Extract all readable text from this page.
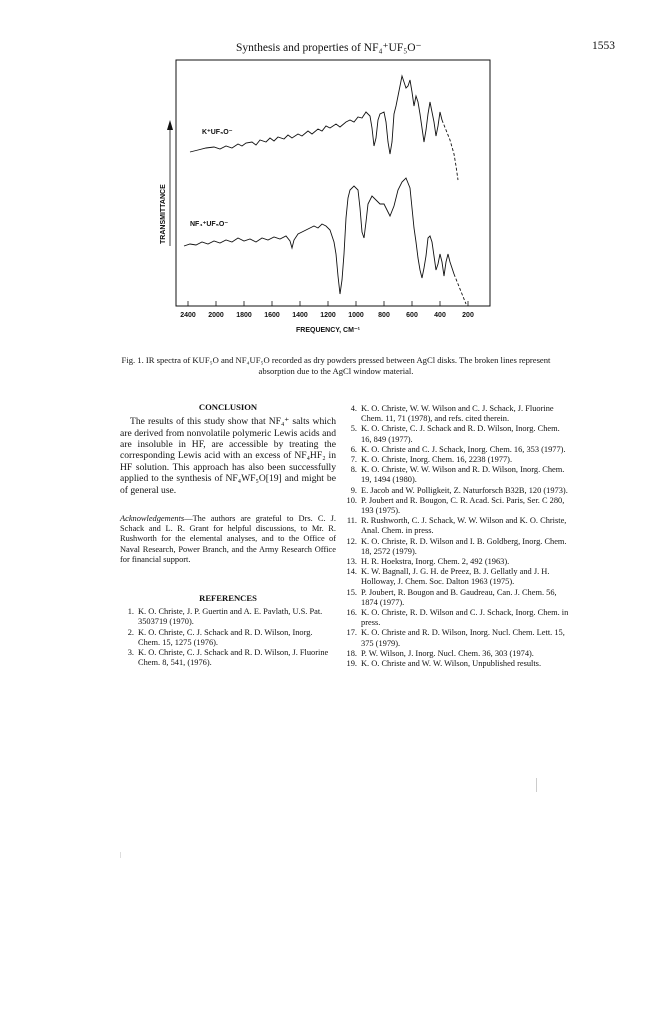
Synthesis and properties of NF₄⁺UF₅O⁻	1553
TRANSMITTANCE
K⁺UF₅O⁻
NF₄⁺UF₅O⁻
2400 2000 1800 1600 1400 1200 1000 800 600 400 200
FREQUENCY, CM⁻¹
Fig. 1. IR spectra of KUF₅O and NF₄UF₅O recorded as dry powders pressed between AgCl disks. The broken lines represent absorption due to the AgCl window material.

CONCLUSION

The results of this study show that NF₄⁺ salts which are derived from nonvolatile polymeric Lewis acids and are insoluble in HF, are accessible by treating the corresponding Lewis acid with an excess of NF₄HF₂ in HF solution. This approach has also been successfully applied to the synthesis of NF₄WF₅O[19] and might be of general use.

Acknowledgements—The authors are grateful to Drs. C. J. Schack and L. R. Grant for helpful discussions, to Mr. R. Rushworth for the elemental analyses, and to the Office of Naval Research, Power Branch, and the Army Research Office for financial support.

REFERENCES

1. K. O. Christe, J. P. Guertin and A. E. Pavlath, U.S. Pat. 3503719 (1970).
2. K. O. Christe, C. J. Schack and R. D. Wilson, Inorg. Chem. 15, 1275 (1976).
3. K. O. Christe, C. J. Schack and R. D. Wilson, J. Fluorine Chem. 8, 541, (1976).
4. K. O. Christe, W. W. Wilson and C. J. Schack, J. Fluorine Chem. 11, 71 (1978), and refs. cited therein.
5. K. O. Christe, C. J. Schack and R. D. Wilson, Inorg. Chem. 16, 849 (1977).
6. K. O. Christe and C. J. Schack, Inorg. Chem. 16, 353 (1977).
7. K. O. Christe, Inorg. Chem. 16, 2238 (1977).
8. K. O. Christe, W. W. Wilson and R. D. Wilson, Inorg. Chem. 19, 1494 (1980).
9. E. Jacob and W. Polligkeit, Z. Naturforsch B32B, 120 (1973).
10. P. Joubert and R. Bougon, C. R. Acad. Sci. Paris, Ser. C 280, 193 (1975).
11. R. Rushworth, C. J. Schack, W. W. Wilson and K. O. Christe, Anal. Chem. in press.
12. K. O. Christe, R. D. Wilson and I. B. Goldberg, Inorg. Chem. 18, 2572 (1979).
13. H. R. Hoekstra, Inorg. Chem. 2, 492 (1963).
14. K. W. Bagnall, J. G. H. de Preez, B. J. Gellatly and J. H. Holloway, J. Chem. Soc. Dalton 1963 (1975).
15. P. Joubert, R. Bougon and B. Gaudreau, Can. J. Chem. 56, 1874 (1977).
16. K. O. Christe, R. D. Wilson and C. J. Schack, Inorg. Chem. in press.
17. K. O. Christe and R. D. Wilson, Inorg. Nucl. Chem. Lett. 15, 375 (1979).
18. P. W. Wilson, J. Inorg. Nucl. Chem. 36, 303 (1974).
19. K. O. Christe and W. W. Wilson, Unpublished results.
